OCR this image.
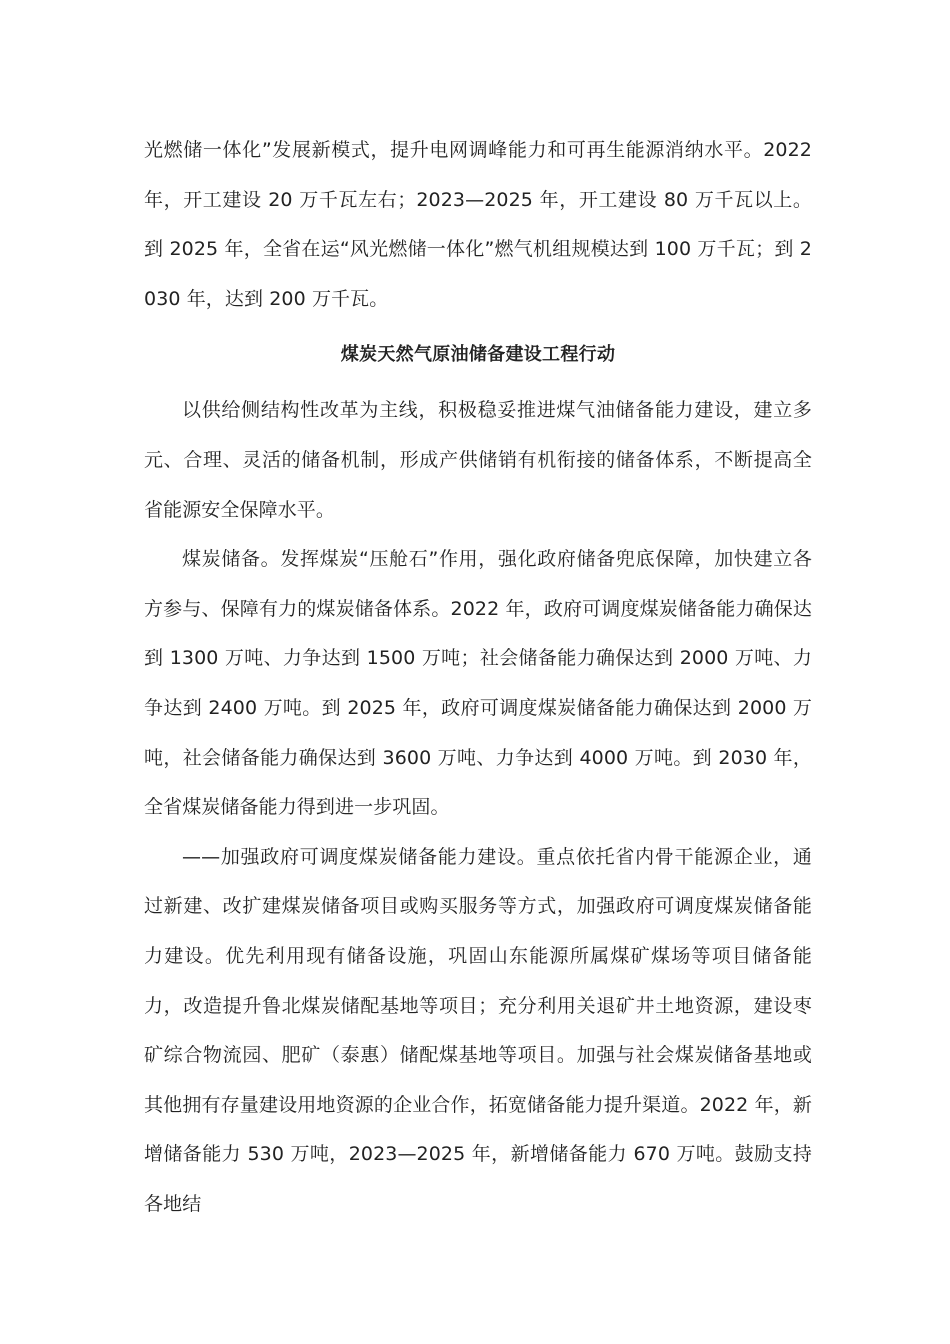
光燃储一体化”发展新模式，提升电网调峰能力和可再生能源消纳水平。2022年，开工建设 20 万千瓦左右；2023—2025 年，开工建设 80 万千瓦以上。到 2025 年，全省在运“风光燃储一体化”燃气机组规模达到 100 万千瓦；到 2030 年，达到 200 万千瓦。

煤炭天然气原油储备建设工程行动

以供给侧结构性改革为主线，积极稳妥推进煤气油储备能力建设，建立多元、合理、灵活的储备机制，形成产供储销有机衔接的储备体系，不断提高全省能源安全保障水平。

煤炭储备。发挥煤炭“压舱石”作用，强化政府储备兜底保障，加快建立各方参与、保障有力的煤炭储备体系。2022 年，政府可调度煤炭储备能力确保达到 1300 万吨、力争达到 1500 万吨；社会储备能力确保达到 2000 万吨、力争达到 2400 万吨。到 2025 年，政府可调度煤炭储备能力确保达到 2000 万吨，社会储备能力确保达到 3600 万吨、力争达到 4000 万吨。到 2030 年，全省煤炭储备能力得到进一步巩固。

——加强政府可调度煤炭储备能力建设。重点依托省内骨干能源企业，通过新建、改扩建煤炭储备项目或购买服务等方式，加强政府可调度煤炭储备能力建设。优先利用现有储备设施，巩固山东能源所属煤矿煤场等项目储备能力，改造提升鲁北煤炭储配基地等项目；充分利用关退矿井土地资源，建设枣矿综合物流园、肥矿（泰惠）储配煤基地等项目。加强与社会煤炭储备基地或其他拥有存量建设用地资源的企业合作，拓宽储备能力提升渠道。2022 年，新增储备能力 530 万吨，2023—2025 年，新增储备能力 670 万吨。鼓励支持各地结
